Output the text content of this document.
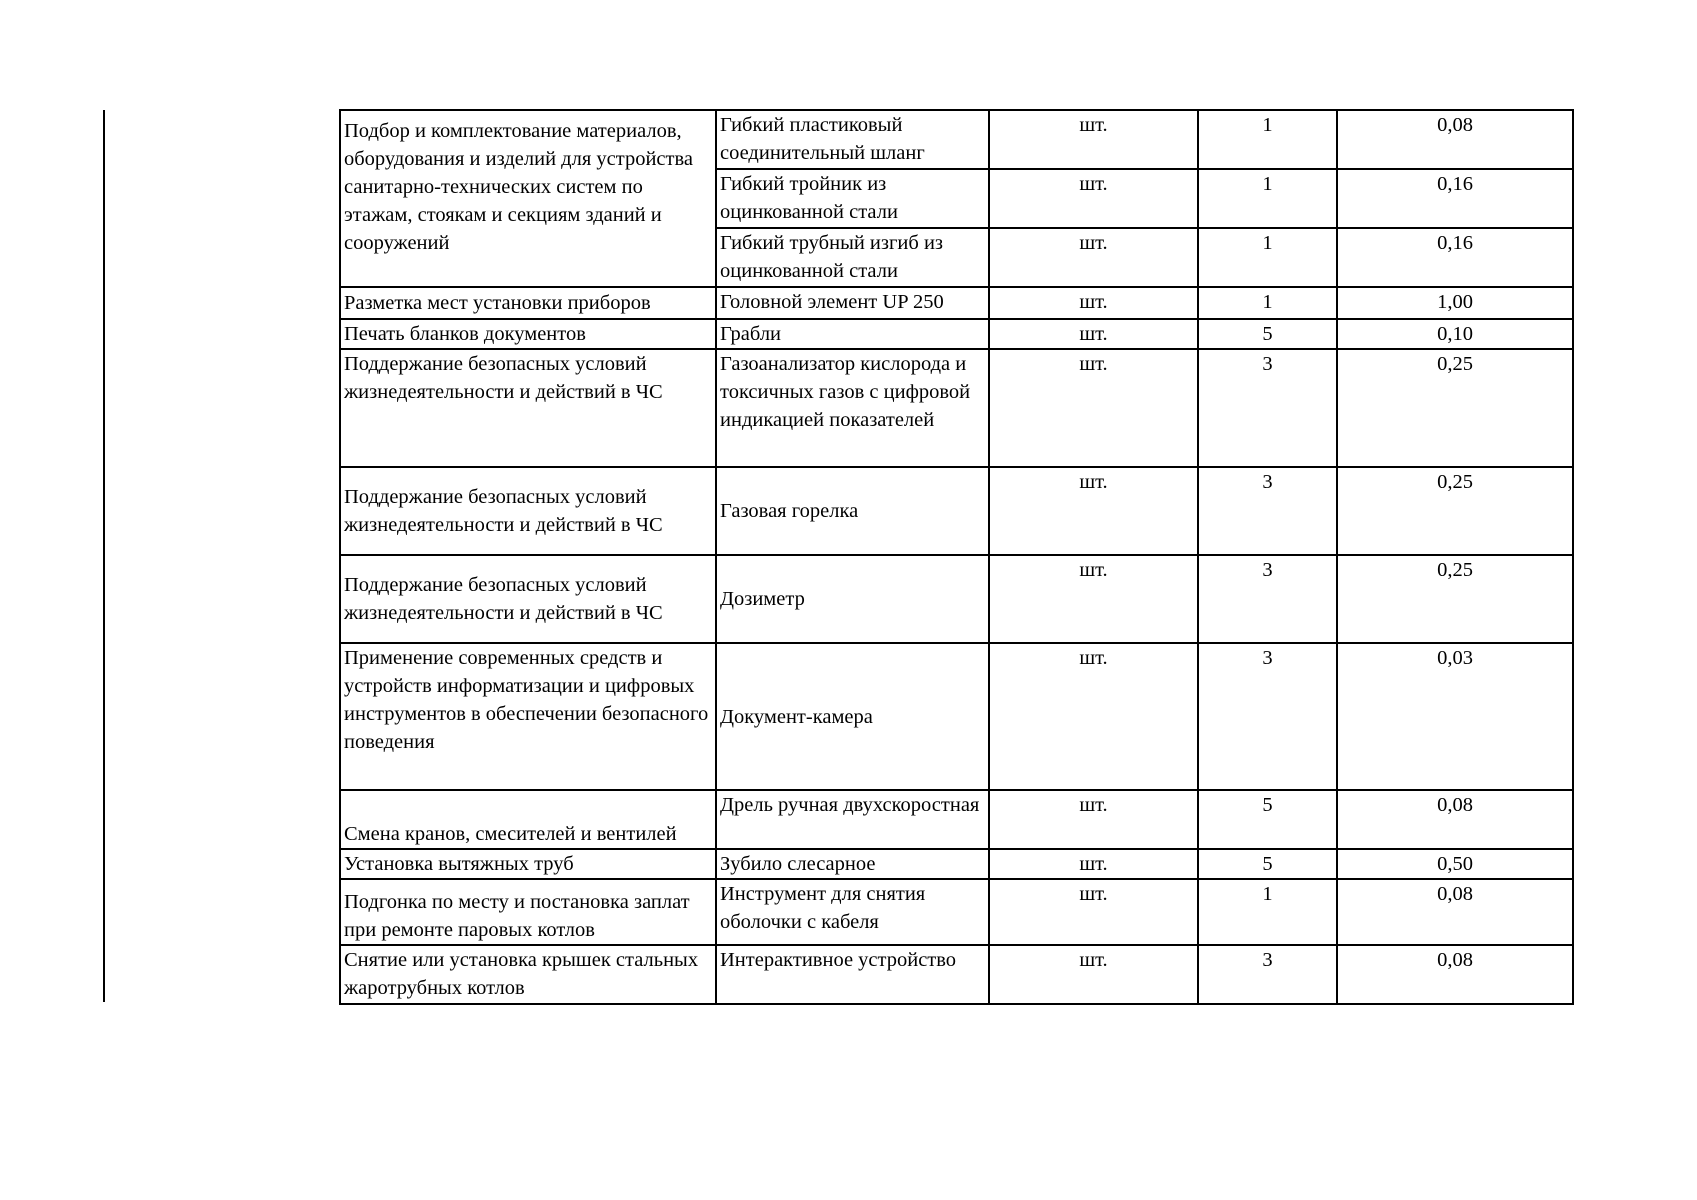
Подбор и комплектование материалов, оборудования и изделий для устройства санитарно-технических систем по этажам, стоякам и секциям зданий и сооружений	Гибкий пластиковый соединительный шланг	шт.	1	0,08
	Гибкий тройник из оцинкованной стали	шт.	1	0,16
	Гибкий трубный изгиб из оцинкованной стали	шт.	1	0,16
Разметка мест установки приборов	Головной элемент UP 250	шт.	1	1,00
Печать бланков документов	Грабли	шт.	5	0,10
Поддержание безопасных условий жизнедеятельности и действий в ЧС	Газоанализатор кислорода и токсичных газов с цифровой индикацией показателей	шт.	3	0,25
Поддержание безопасных условий жизнедеятельности и действий в ЧС	Газовая горелка	шт.	3	0,25
Поддержание безопасных условий жизнедеятельности и действий в ЧС	Дозиметр	шт.	3	0,25
Применение современных средств и устройств информатизации и цифровых инструментов в обеспечении безопасного поведения	Документ-камера	шт.	3	0,03
Смена кранов, смесителей и вентилей	Дрель ручная двухскоростная	шт.	5	0,08
Установка вытяжных труб	Зубило слесарное	шт.	5	0,50
Подгонка по месту и постановка заплат при ремонте паровых котлов	Инструмент для снятия оболочки с кабеля	шт.	1	0,08
Снятие или установка крышек стальных жаротрубных котлов	Интерактивное устройство	шт.	3	0,08
